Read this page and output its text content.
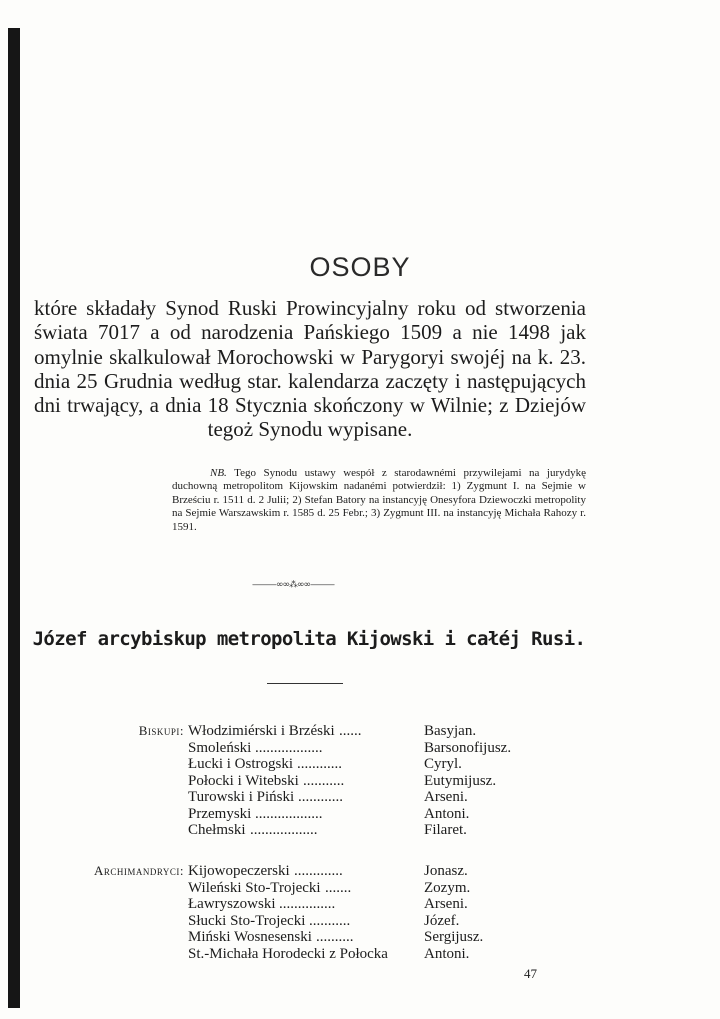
OSOBY
które składały Synod Ruski Prowincyjalny roku od stworzenia świata 7017 a od narodzenia Pańskiego 1509 a nie 1498 jak omylnie skalkulował Morochowski w Parygoryi swojéj na k. 23. dnia 25 Grudnia według star. kalendarza zaczęty i następujących dni trwający, a dnia 18 Stycznia skończony w Wilnie; z Dziejów tegoż Synodu wypisane.
NB. Tego Synodu ustawy wespół z starodawnémi przywilejami na jurydykę duchowną metropolitom Kijowskim nadanémi potwierdził: 1) Zygmunt I. na Sejmie w Brześciu r. 1511 d. 2 Julii; 2) Stefan Batory na instancyję Onesyfora Dziewoczki metropolity na Sejmie Warszawskim r. 1585 d. 25 Febr.; 3) Zygmunt III. na instancyję Michała Rahozy r. 1591.
———∞∞⁂∞∞———
Józef arcybiskup metropolita Kijowski i całéj Rusi.
Biskupi: Włodzimiérski i Brzéski ......	Basyjan.
Smoleński ..................	Barsonofijusz.
Łucki i Ostrogski ............	Cyryl.
Połocki i Witebski ...........	Eutymijusz.
Turowski i Piński ............	Arseni.
Przemyski ..................	Antoni.
Chełmski ..................	Filaret.
Archimandryci: Kijowopeczerski .............	Jonasz.
Wileński Sto-Trojecki .......	Zozym.
Ławryszowski ...............	Arseni.
Słucki Sto-Trojecki ...........	Józef.
Miński Wosnesenski ..........	Sergijusz.
St.-Michała Horodecki z Połocka Antoni.
47
